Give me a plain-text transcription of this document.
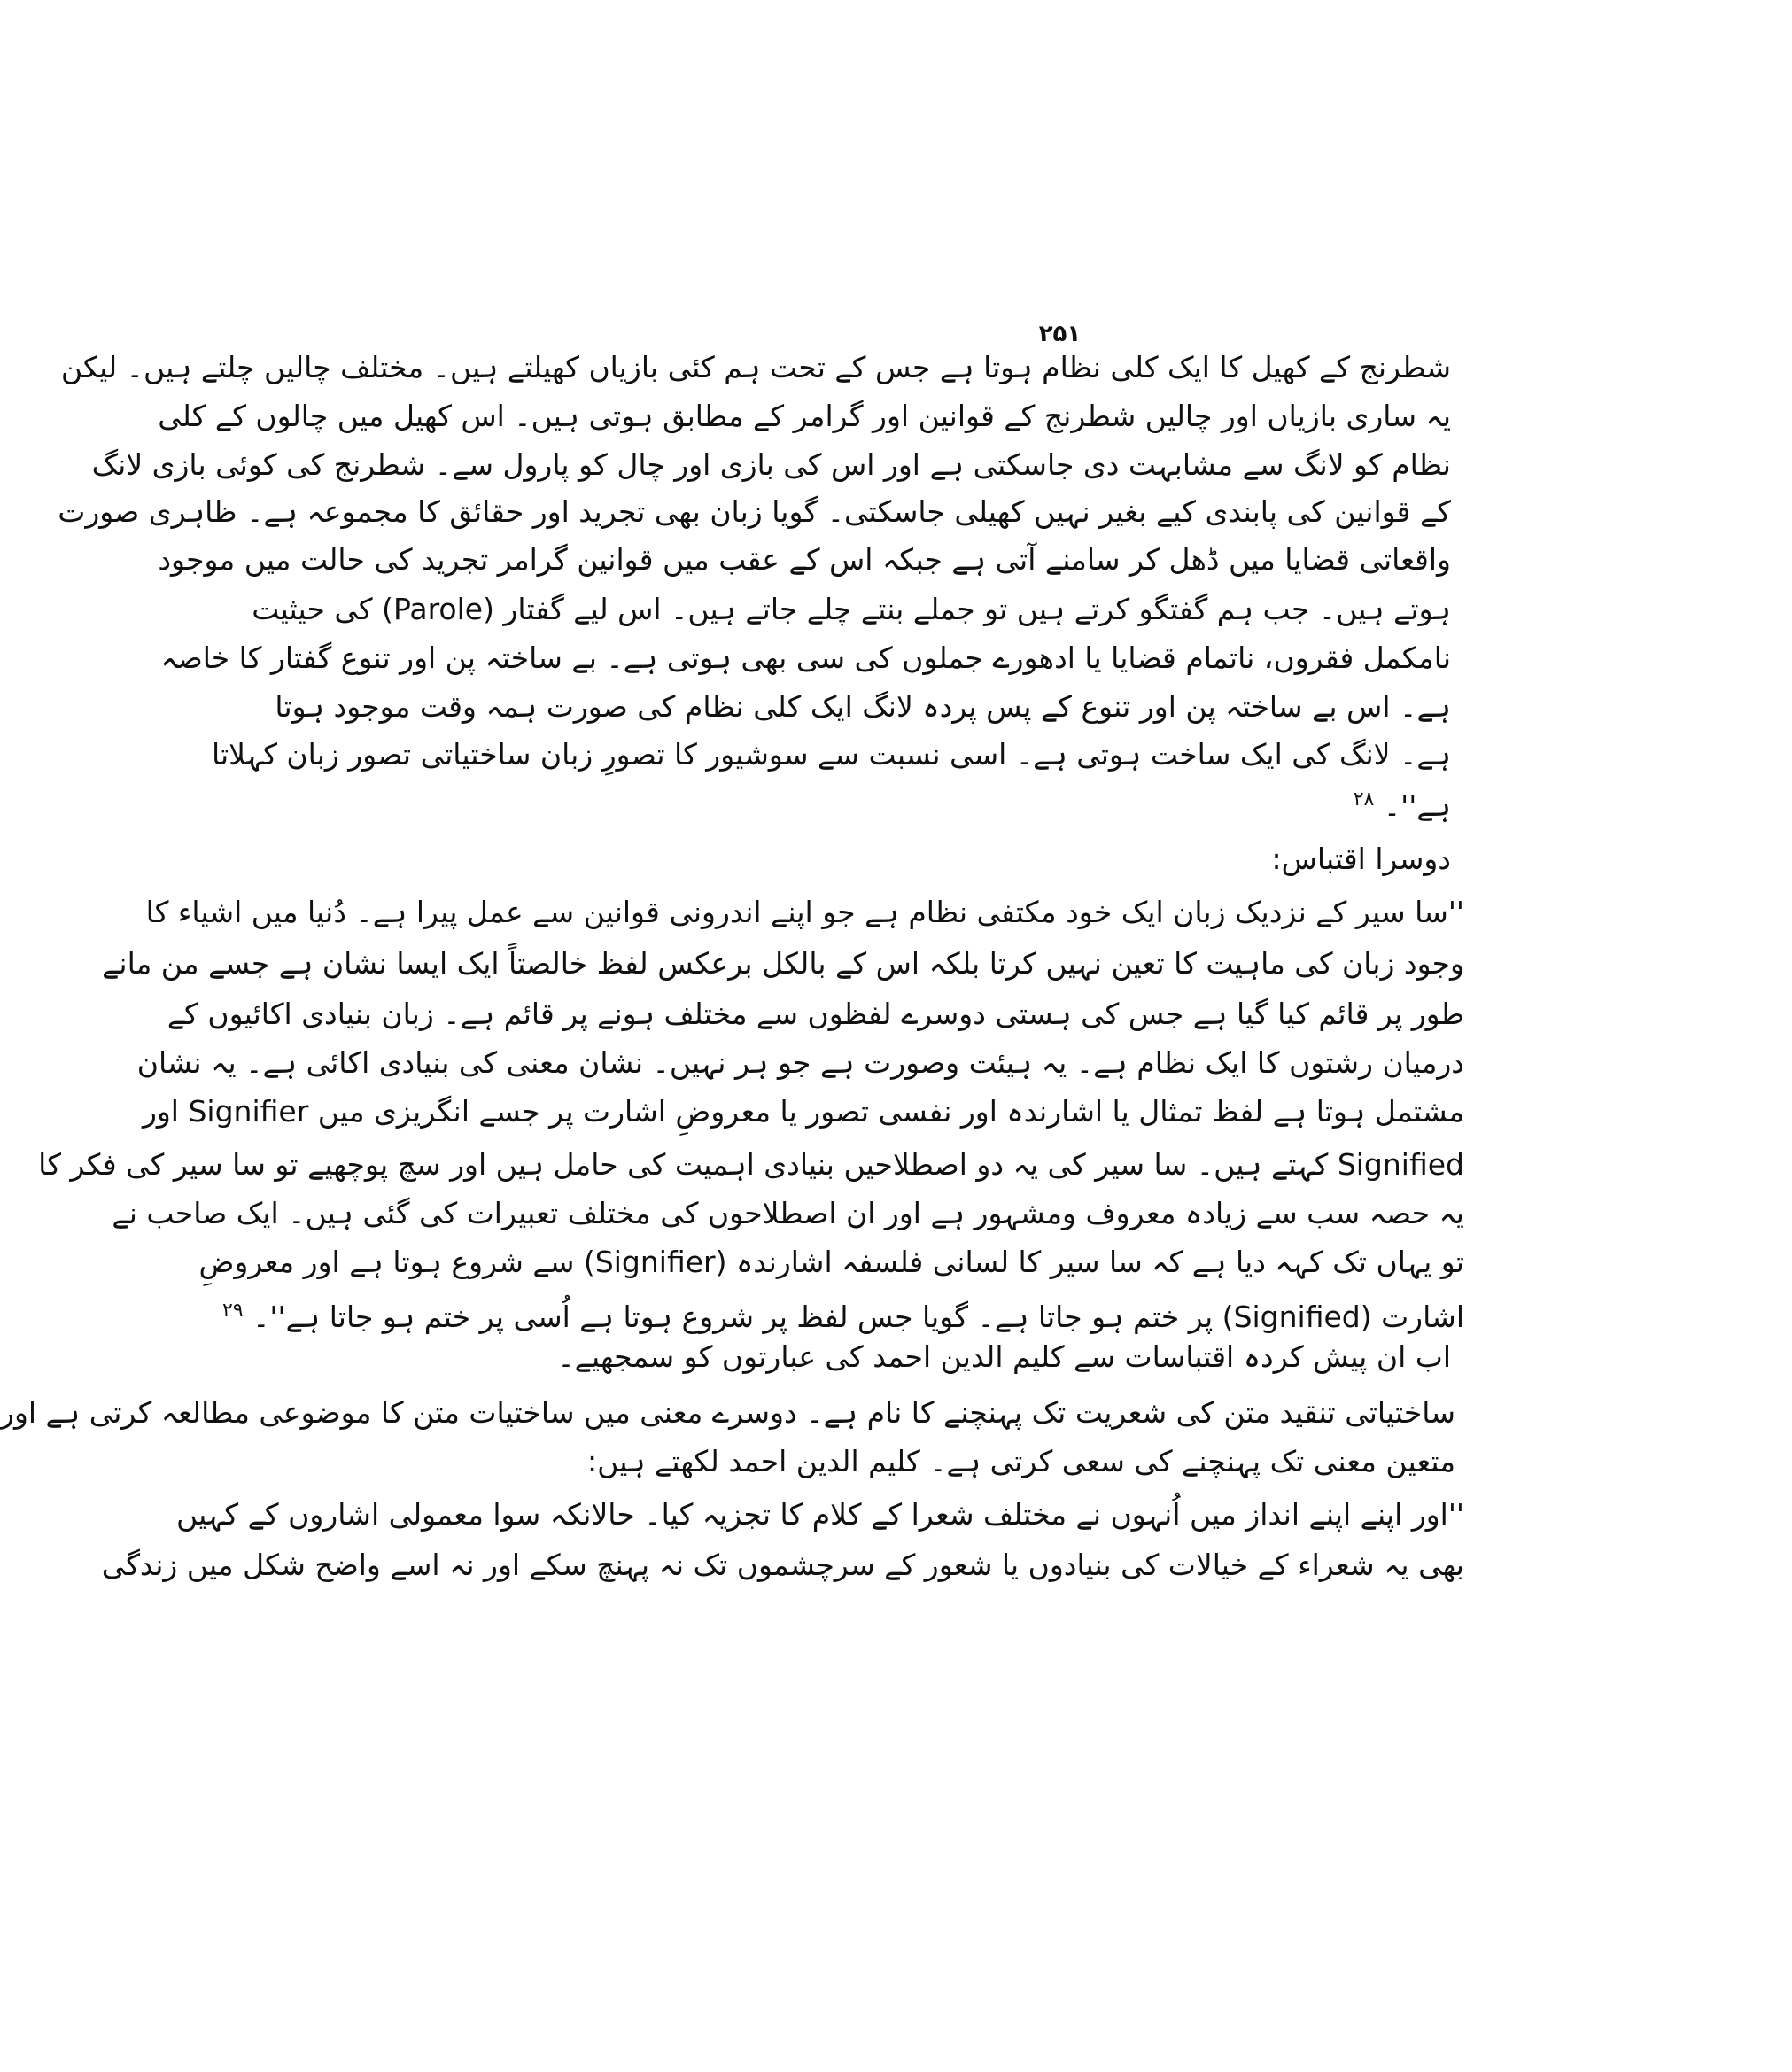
۲۵۱
شطرنج کے کھیل کا ایک کلی نظام ہوتا ہے جس کے تحت ہم کئی بازیاں کھیلتے ہیں۔ مختلف چالیں چلتے ہیں۔ لیکن
یہ ساری بازیاں اور چالیں شطرنج کے قوانین اور گرامر کے مطابق ہوتی ہیں۔ اس کھیل میں چالوں کے کلی
نظام کو لانگ سے مشابہت دی جاسکتی ہے اور اس کی بازی اور چال کو پارول سے۔ شطرنج کی کوئی بازی لانگ
کے قوانین کی پابندی کیے بغیر نہیں کھیلی جاسکتی۔ گویا زبان بھی تجرید اور حقائق کا مجموعہ ہے۔ ظاہری صورت
واقعاتی قضایا میں ڈھل کر سامنے آتی ہے جبکہ اس کے عقب میں قوانین گرامر تجرید کی حالت میں موجود
ہوتے ہیں۔ جب ہم گفتگو کرتے ہیں تو جملے بنتے چلے جاتے ہیں۔ اس لیے گفتار (Parole) کی حیثیت
نامکمل فقروں، ناتمام قضایا یا ادھورے جملوں کی سی بھی ہوتی ہے۔ بے ساختہ پن اور تنوع گفتار کا خاصہ
ہے۔ اس بے ساختہ پن اور تنوع کے پس پردہ لانگ ایک کلی نظام کی صورت ہمہ وقت موجود ہوتا
ہے۔ لانگ کی ایک ساخت ہوتی ہے۔ اسی نسبت سے سوشیور کا تصورِ زبان ساختیاتی تصور زبان کہلاتا
ہے''۔ $^{۲۸}$
دوسرا اقتباس:
''سا سیر کے نزدیک زبان ایک خود مکتفی نظام ہے جو اپنے اندرونی قوانین سے عمل پیرا ہے۔ دُنیا میں اشیاء کا
وجود زبان کی ماہیت کا تعین نہیں کرتا بلکہ اس کے بالکل برعکس لفظ خالصتاً ایک ایسا نشان ہے جسے من مانے
طور پر قائم کیا گیا ہے جس کی ہستی دوسرے لفظوں سے مختلف ہونے پر قائم ہے۔ زبان بنیادی اکائیوں کے
درمیان رشتوں کا ایک نظام ہے۔ یہ ہیئت وصورت ہے جو ہر نہیں۔ نشان معنی کی بنیادی اکائی ہے۔ یہ نشان
مشتمل ہوتا ہے لفظ تمثال یا اشارندہ اور نفسی تصور یا معروضِ اشارت پر جسے انگریزی میں Signifier اور
Signified کہتے ہیں۔ سا سیر کی یہ دو اصطلاحیں بنیادی اہمیت کی حامل ہیں اور سچ پوچھیے تو سا سیر کی فکر کا
یہ حصہ سب سے زیادہ معروف ومشہور ہے اور ان اصطلاحوں کی مختلف تعبیرات کی گئی ہیں۔ ایک صاحب نے
تو یہاں تک کہہ دیا ہے کہ سا سیر کا لسانی فلسفہ اشارندہ (Signifier) سے شروع ہوتا ہے اور معروضِ
اشارت (Signified) پر ختم ہو جاتا ہے۔ گویا جس لفظ پر شروع ہوتا ہے اُسی پر ختم ہو جاتا ہے''۔ $^{۲۹}$
اب ان پیش کردہ اقتباسات سے کلیم الدین احمد کی عبارتوں کو سمجھیے۔
ساختیاتی تنقید متن کی شعریت تک پہنچنے کا نام ہے۔ دوسرے معنی میں ساختیات متن کا موضوعی مطالعہ کرتی ہے اور
متعین معنی تک پہنچنے کی سعی کرتی ہے۔ کلیم الدین احمد لکھتے ہیں:
''اور اپنے اپنے انداز میں اُنہوں نے مختلف شعرا کے کلام کا تجزیہ کیا۔ حالانکہ سوا معمولی اشاروں کے کہیں
بھی یہ شعراء کے خیالات کی بنیادوں یا شعور کے سرچشموں تک نہ پہنچ سکے اور نہ اسے واضح شکل میں زندگی
